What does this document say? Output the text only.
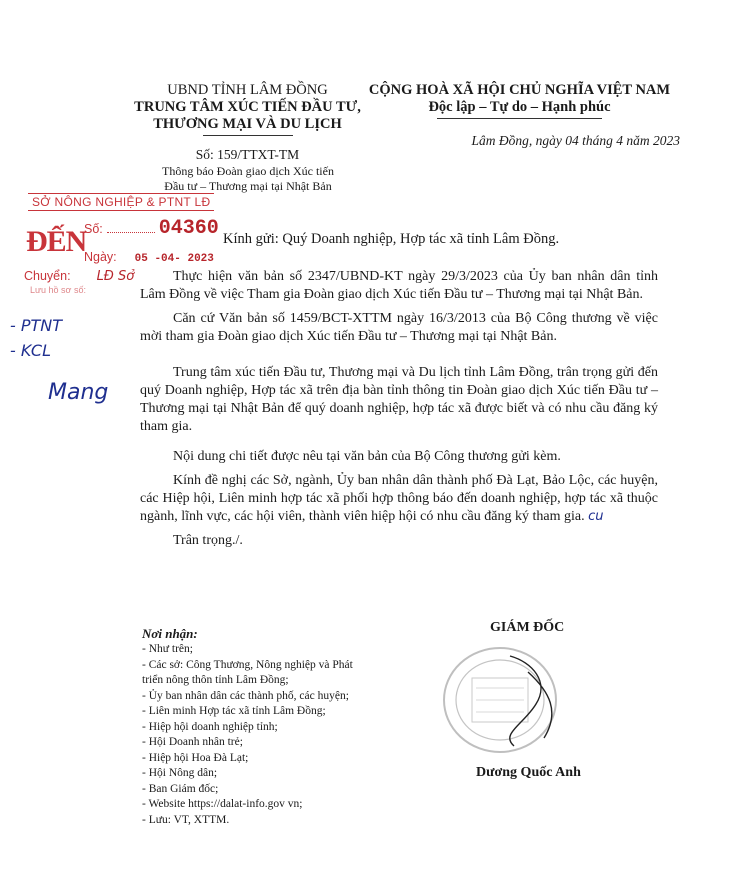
UBND TỈNH LÂM ĐỒNG
TRUNG TÂM XÚC TIẾN ĐẦU TƯ,
THƯƠNG MẠI VÀ DU LỊCH
CỘNG HOÀ XÃ HỘI CHỦ NGHĨA VIỆT NAM
Độc lập – Tự do – Hạnh phúc
Lâm Đồng, ngày 04 tháng 4 năm 2023
Số: 159/TTXT-TM
Thông báo Đoàn giao dịch Xúc tiến
Đầu tư – Thương mại tại Nhật Bản
SỞ NÔNG NGHIỆP & PTNT LĐ
ĐẾN
Số:	04360
Ngày: 05 -04- 2023
Chuyển: LĐ Sở
Lưu hồ sơ số:
- PTNT
- KCL
Mang
Kính gửi: Quý Doanh nghiệp, Hợp tác xã tỉnh Lâm Đồng.

Thực hiện văn bản số 2347/UBND-KT ngày 29/3/2023 của Ủy ban nhân dân tỉnh Lâm Đồng về việc Tham gia Đoàn giao dịch Xúc tiến Đầu tư – Thương mại tại Nhật Bản.

Căn cứ Văn bản số 1459/BCT-XTTM ngày 16/3/2013 của Bộ Công thương về việc mời tham gia Đoàn giao dịch Xúc tiến Đầu tư – Thương mại tại Nhật Bản.

Trung tâm xúc tiến Đầu tư, Thương mại và Du lịch tỉnh Lâm Đồng, trân trọng gửi đến quý Doanh nghiệp, Hợp tác xã trên địa bàn tỉnh thông tin Đoàn giao dịch Xúc tiến Đầu tư – Thương mại tại Nhật Bản để quý doanh nghiệp, hợp tác xã được biết và có nhu cầu đăng ký tham gia.

Nội dung chi tiết được nêu tại văn bản của Bộ Công thương gửi kèm.

Kính đề nghị các Sở, ngành, Ủy ban nhân dân thành phố Đà Lạt, Bảo Lộc, các huyện, các Hiệp hội, Liên minh hợp tác xã phối hợp thông báo đến doanh nghiệp, hợp tác xã thuộc ngành, lĩnh vực, các hội viên, thành viên hiệp hội có nhu cầu đăng ký tham gia. cu

Trân trọng./.

Nơi nhận:
- Như trên;
- Các sở: Công Thương, Nông nghiệp và Phát
triển nông thôn tỉnh Lâm Đồng;
- Ủy ban nhân dân các thành phố, các huyện;
- Liên minh Hợp tác xã tỉnh Lâm Đồng;
- Hiệp hội doanh nghiệp tỉnh;
- Hội Doanh nhân trẻ;
- Hiệp hội Hoa Đà Lạt;
- Hội Nông dân;
- Ban Giám đốc;
- Website https://dalat-info.gov vn;
- Lưu: VT, XTTM.
GIÁM ĐỐC
Dương Quốc Anh
